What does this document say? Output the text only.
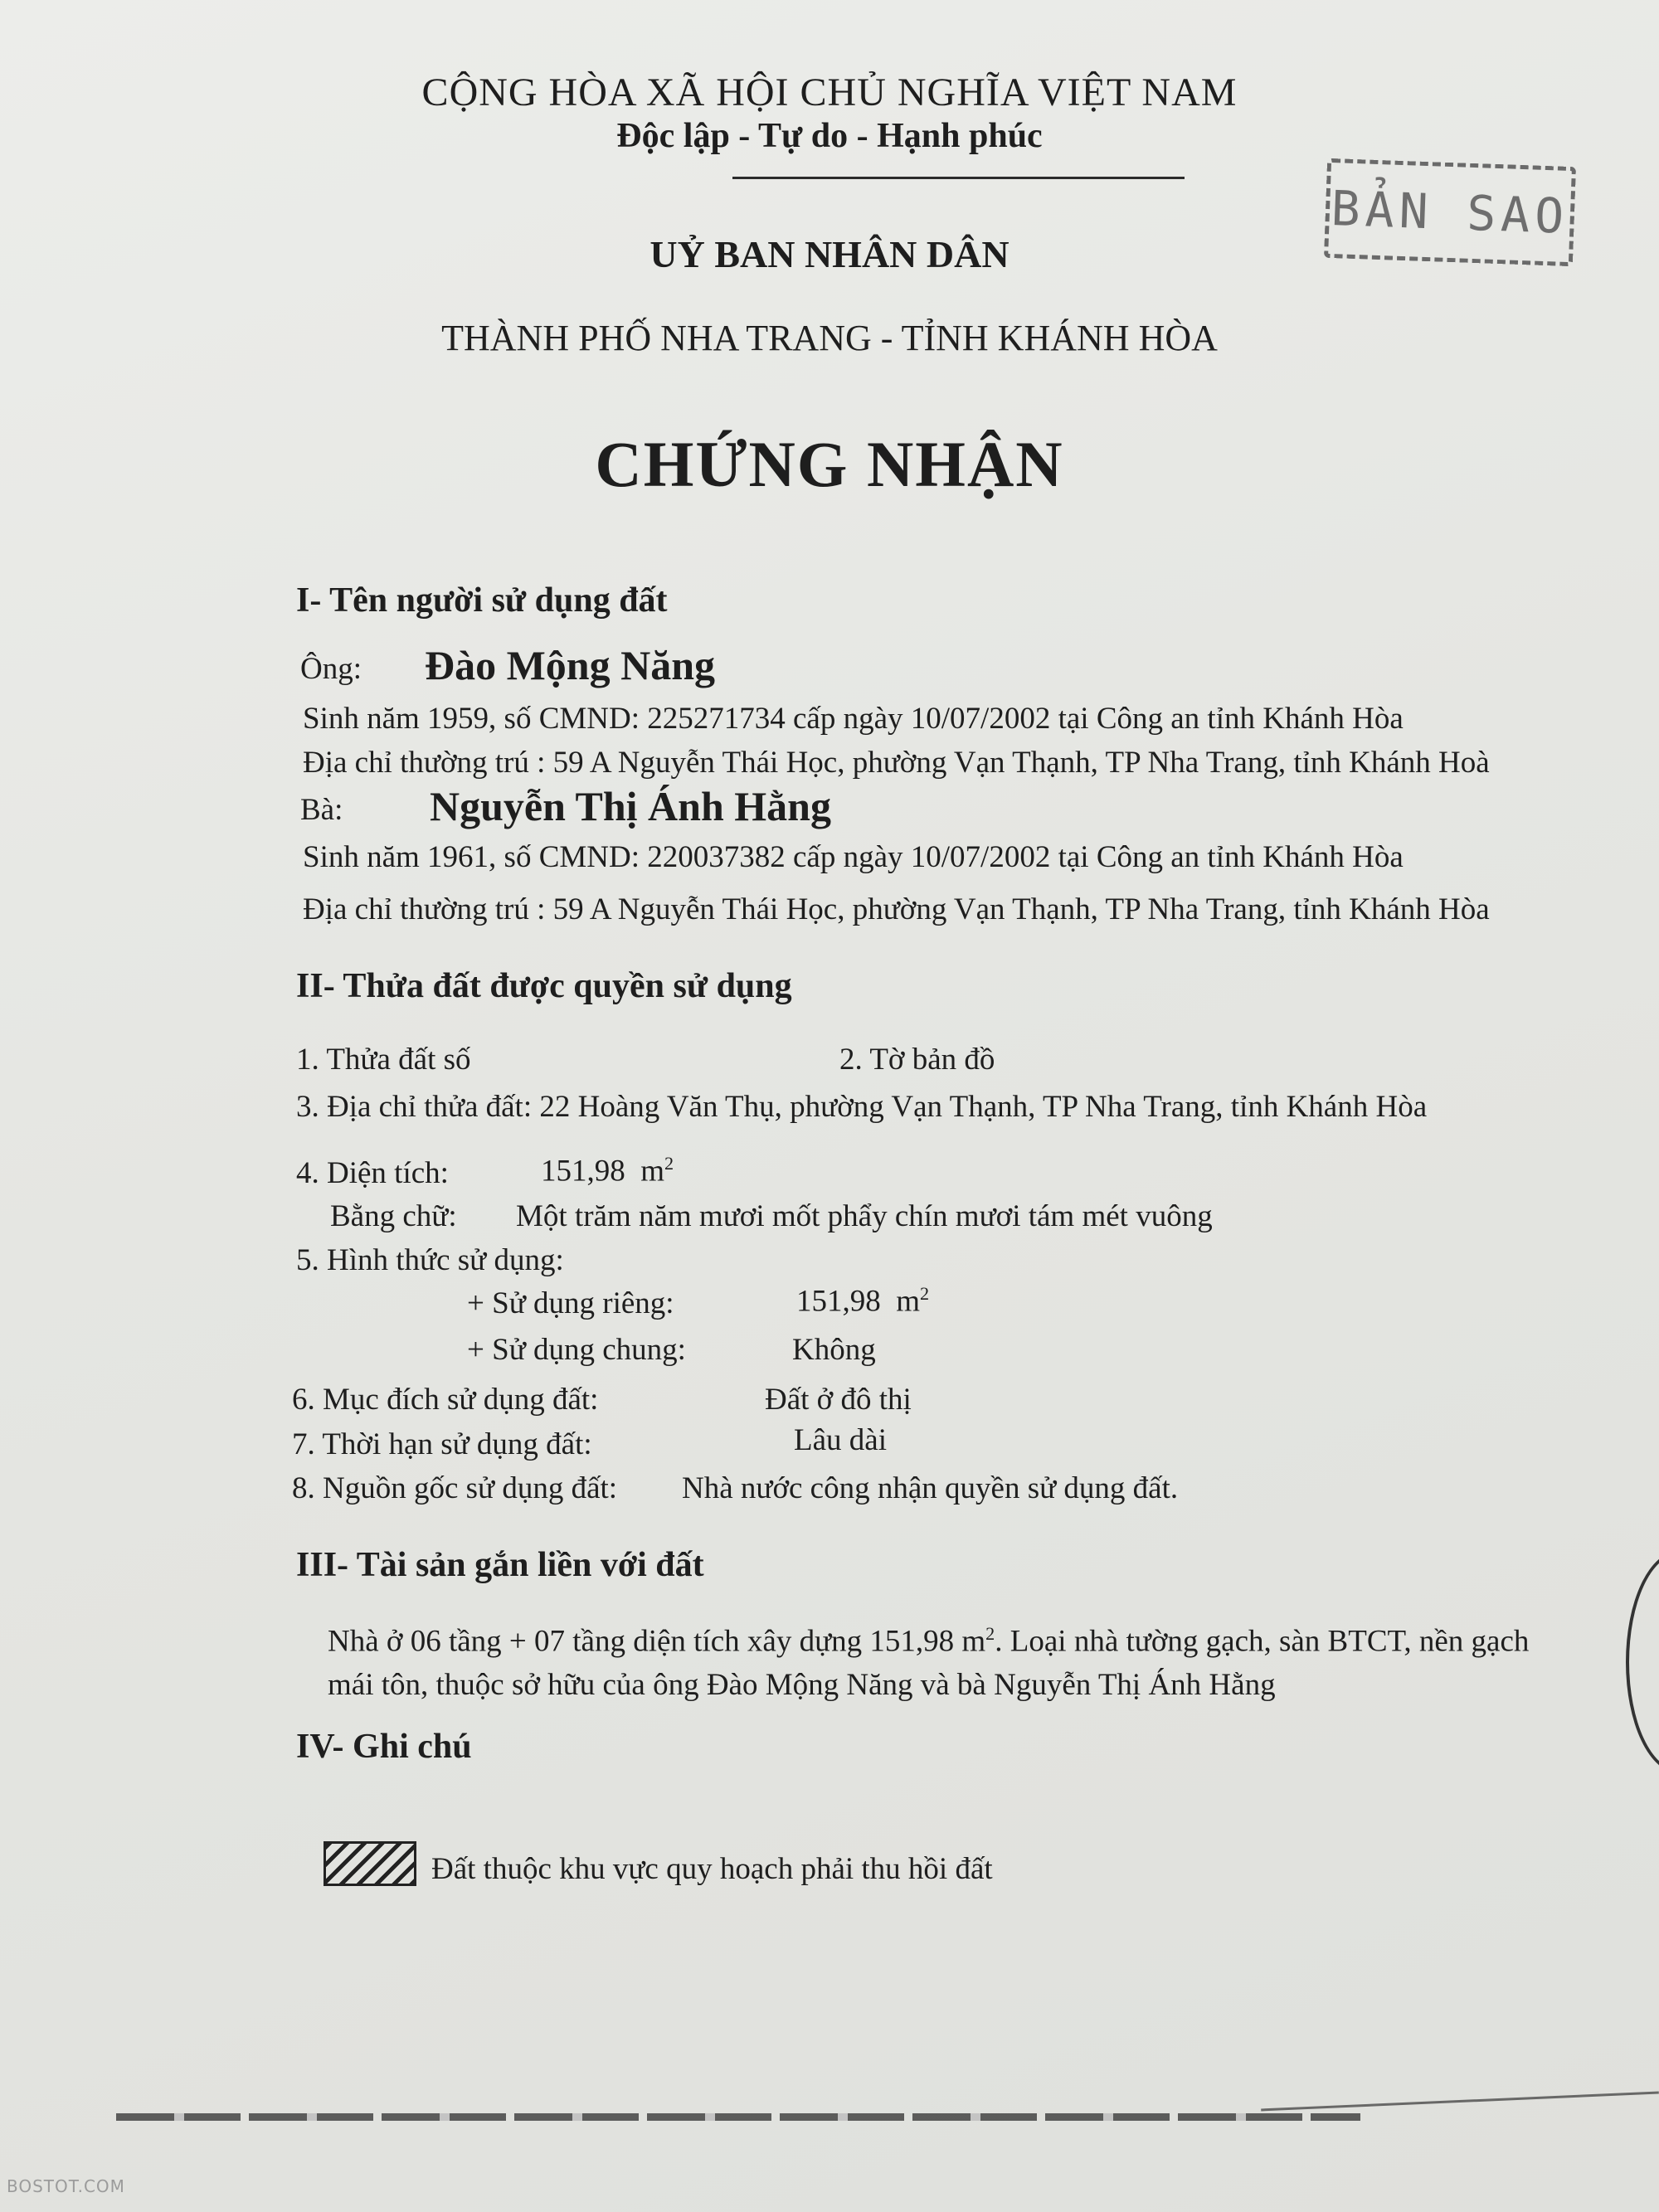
CỘNG HÒA XÃ HỘI CHỦ NGHĨA VIỆT NAM
Độc lập - Tự do - Hạnh phúc
BẢN SAO
UỶ BAN NHÂN DÂN
THÀNH PHỐ NHA TRANG - TỈNH KHÁNH HÒA
CHỨNG NHẬN
I- Tên người sử dụng đất
Ông: Đào Mộng Năng
Sinh năm 1959, số CMND: 225271734 cấp ngày 10/07/2002 tại Công an tỉnh Khánh Hòa
Địa chỉ thường trú : 59 A Nguyễn Thái Học, phường Vạn Thạnh, TP Nha Trang, tỉnh Khánh Hoà
Bà: Nguyễn Thị Ánh Hằng
Sinh năm 1961, số CMND: 220037382 cấp ngày 10/07/2002 tại Công an tỉnh Khánh Hòa
Địa chỉ thường trú : 59 A Nguyễn Thái Học, phường Vạn Thạnh, TP Nha Trang, tỉnh Khánh Hòa
II- Thửa đất được quyền sử dụng
1. Thửa đất số	2. Tờ bản đồ
3. Địa chỉ thửa đất: 22 Hoàng Văn Thụ, phường Vạn Thạnh, TP Nha Trang, tỉnh Khánh Hòa
4. Diện tích:	151,98 $m^2$
Bằng chữ: Một trăm năm mươi mốt phẩy chín mươi tám mét vuông
5. Hình thức sử dụng:
+ Sử dụng riêng:	151,98 $m^2$
+ Sử dụng chung:	Không
6. Mục đích sử dụng đất:	Đất ở đô thị
7. Thời hạn sử dụng đất:	Lâu dài
8. Nguồn gốc sử dụng đất: Nhà nước công nhận quyền sử dụng đất.
III- Tài sản gắn liền với đất
Nhà ở 06 tầng + 07 tầng diện tích xây dựng 151,98 $m^2$. Loại nhà tường gạch, sàn BTCT, nền gạch
mái tôn, thuộc sở hữu của ông Đào Mộng Năng và bà Nguyễn Thị Ánh Hằng
IV- Ghi chú
Đất thuộc khu vực quy hoạch phải thu hồi đất
BOSTOT.COM
